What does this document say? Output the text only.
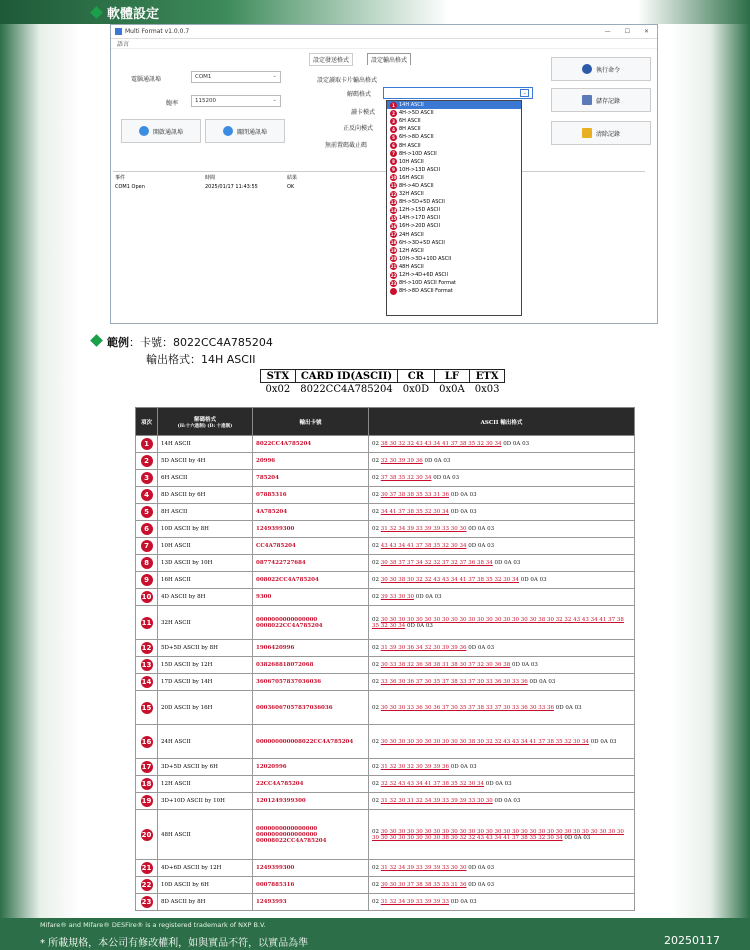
軟體設定
Multi Format v1.0.0.7	— ☐ ✕
語言
電腦通訊埠	COM1	⌄
鮑率	115200	⌄
開啟通訊埠	關閉通訊埠
設定發送格式	設定輸出格式
設定讀取卡片輸出格式
解碼格式	⌄
讀卡模式
正反向模式
無前置碼截止碼
執行命令
儲存記錄
清除記錄
事件	時間	結果
COM1 Open	2025/01/17 11:43:55	OK
1 14H ASCII
2 4H->5D ASCII
3 6H ASCII
4 8H ASCII
5 6H->8D ASCII
6 8H ASCII
7 8H->10D ASCII
8 10H ASCII
9 10H->13D ASCII
10 16H ASCII
11 8H->4D ASCII
12 32H ASCII
13 8H->5D+5D ASCII
14 12H->15D ASCII
15 14H->17D ASCII
16 16H->20D ASCII
17 24H ASCII
18 6H->3D+5D ASCII
19 12H ASCII
20 10H->3D+10D ASCII
21 48H ASCII
22 12H->4D+6D ASCII
23 8H->10D ASCII Format
8H->8D ASCII Format
範例：卡號：8022CC4A785204
輸出格式：14H ASCII
STX	CARD ID(ASCII)	CR	LF	ETX
0x02	8022CC4A785204	0x0D	0x0A	0x03
項次	解碼格式
(H:十六進制) (D: 十進制)	輸出卡號	ASCII 輸出格式
1	14H ASCII	8022CC4A785204	02 38 30 32 32 43 43 34 41 37 38 35 32 30 34 0D 0A 03
2	5D ASCII by 4H	20996	02 32 30 39 39 36 0D 0A 03
3	6H ASCII	785204	02 37 38 35 32 30 34 0D 0A 03
4	8D ASCII by 6H	07885316	02 30 37 38 38 35 33 31 36 0D 0A 03
5	8H ASCII	4A785204	02 34 41 37 38 35 32 30 34 0D 0A 03
6	10D ASCII by 8H	1249399300	02 31 32 34 39 33 39 39 33 30 30 0D 0A 03
7	10H ASCII	CC4A785204	02 43 43 34 41 37 38 35 32 30 34 0D 0A 03
8	13D ASCII by 10H	0877422727684	02 30 38 37 37 34 32 32 37 32 37 36 38 34 0D 0A 03
9	16H ASCII	008022CC4A785204	02 30 30 38 30 32 32 43 43 34 41 37 38 35 32 30 34 0D 0A 03
10	4D ASCII by 8H	9300	02 39 33 30 30 0D 0A 03
11	32H ASCII	0000000000000000 0008022CC4A785204	02 30 30 30 30 30 30 30 30 30 30 30 30 30 30 30 30 30 30 38 30 32 32 43 43 34 41 37 38 35 32 30 34 0D 0A 03
12	5D+5D ASCII by 8H	1906420996	02 31 39 30 36 34 32 30 39 39 36 0D 0A 03
13	15D ASCII by 12H	038268818072068	02 30 33 38 32 36 38 38 31 38 30 37 32 30 36 38 0D 0A 03
14	17D ASCII by 14H	36067057837036036	02 33 36 30 36 37 30 35 37 38 33 37 30 33 36 30 33 36 0D 0A 03
15	20D ASCII by 16H	00036067057837036036	02 30 30 30 33 36 30 36 37 30 35 37 38 33 37 30 33 36 30 33 36 0D 0A 03
16	24H ASCII	000000000008022CC4A785204	02 30 30 30 30 30 30 30 30 30 30 38 30 32 32 43 43 34 41 37 38 35 32 30 34 0D 0A 03
17	3D+5D ASCII by 6H	12020996	02 31 32 30 32 30 39 39 36 0D 0A 03
18	12H ASCII	22CC4A785204	02 32 32 43 43 34 41 37 38 35 32 30 34 0D 0A 03
19	3D+10D ASCII by 10H	1201249399300	02 31 32 30 31 32 34 39 33 39 39 33 30 30 0D 0A 03
20	48H ASCII	0000000000000000 0000000000000000 00008022CC4A785204	02 30 30 30 30 30 30 30 30 30 30 30 30 30 30 30 30 30 30 30 30 30 30 30 30 30 30 30 30 30 30 30 30 30 30 30 30 38 30 32 32 43 43 34 41 37 38 35 32 30 34 0D 0A 03
21	4D+6D ASCII by 12H	1249399300	02 31 32 34 39 33 39 39 33 30 30 0D 0A 03
22	10D ASCII by 6H	0007885316	02 30 30 30 37 38 38 35 33 31 36 0D 0A 03
23	8D ASCII by 8H	12493993	02 31 32 34 39 33 39 39 33 0D 0A 03
Mifare® and Mifare® DESFire® is a registered trademark of NXP B.V.
* 所載規格，本公司有修改權利，如與實品不符，以實品為準	20250117
